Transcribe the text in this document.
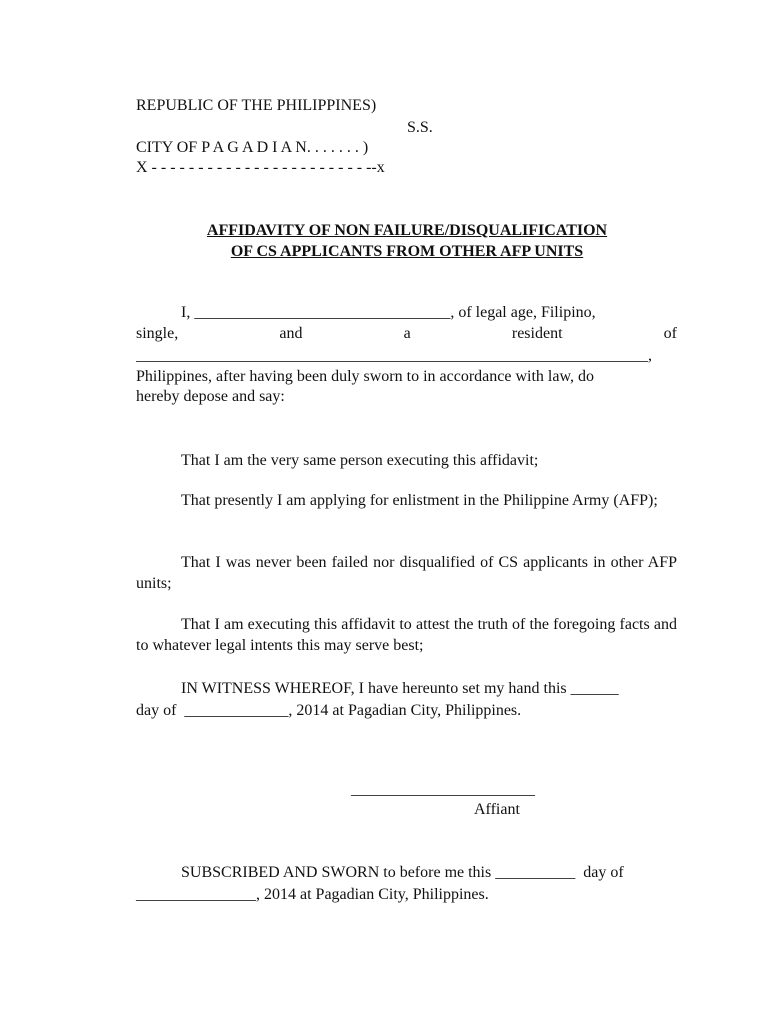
REPUBLIC OF THE PHILIPPINES)

S.S.

CITY OF P A G A D I A N. . . . . . . )

X - - - - - - - - - - - - - - - - - - - - - - - --x

AFFIDAVITY OF NON FAILURE/DISQUALIFICATION

OF CS APPLICANTS FROM OTHER AFP UNITS

I, ________________________________, of legal age, Filipino,
single,	and	a	resident	of

________________________________________________________________,

Philippines, after having been duly sworn to in accordance with law, do

hereby depose and say:

That I am the very same person executing this affidavit;

That presently I am applying for enlistment in the Philippine Army (AFP);

That I was never been failed nor disqualified of CS applicants in other AFP units;

That I am executing this affidavit to attest the truth of the foregoing facts and to whatever legal intents this may serve best;

IN WITNESS WHEREOF, I have hereunto set my hand this ______

day of  _____________, 2014 at Pagadian City, Philippines.

_______________________

Affiant

SUBSCRIBED AND SWORN to before me this __________  day of

_______________, 2014 at Pagadian City, Philippines.
